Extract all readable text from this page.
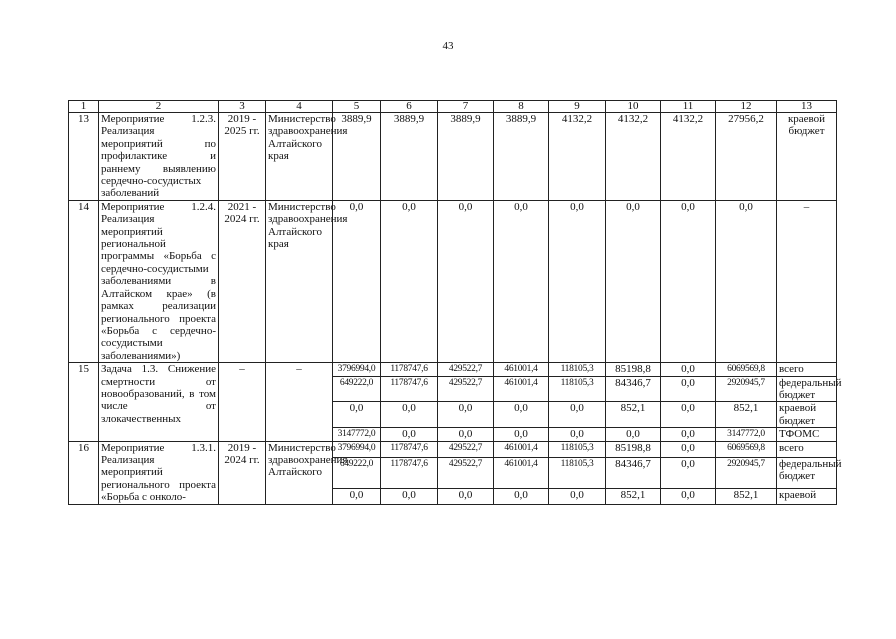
43
1	2	3	4	5	6	7	8	9	10	11	12	13
13	Мероприятие 1.2.3. Реализация мероприятий по профилактике и раннему выявлению сердечно-сосудистых заболеваний	2019 - 2025 гг.	Министерство здравоохранения Алтайского края	3889,9	3889,9	3889,9	3889,9	4132,2	4132,2	4132,2	27956,2	краевой бюджет
14	Мероприятие 1.2.4. Реализация мероприятий региональной программы «Борьба с сердечно-сосудистыми заболеваниями в Алтайском крае» (в рамках реализации регионального проекта «Борьба с сердечно-сосудистыми заболеваниями»)	2021 - 2024 гг.	Министерство здравоохранения Алтайского края	0,0	0,0	0,0	0,0	0,0	0,0	0,0	0,0	–
15	Задача 1.3. Снижение смертности от новообразований, в том числе от злокачественных	–	–	3796994,0	1178747,6	429522,7	461001,4	118105,3	85198,8	0,0	6069569,8	всего
				649222,0	1178747,6	429522,7	461001,4	118105,3	84346,7	0,0	2920945,7	федеральный бюджет
				0,0	0,0	0,0	0,0	0,0	852,1	0,0	852,1	краевой бюджет
				3147772,0	0,0	0,0	0,0	0,0	0,0	0,0	3147772,0	ТФОМС
16	Мероприятие 1.3.1. Реализация мероприятий регионального проекта «Борьба с онколо-	2019 - 2024 гг.	Министерство здравоохранения Алтайского	3796994,0	1178747,6	429522,7	461001,4	118105,3	85198,8	0,0	6069569,8	всего
				649222,0	1178747,6	429522,7	461001,4	118105,3	84346,7	0,0	2920945,7	федеральный бюджет
				0,0	0,0	0,0	0,0	0,0	852,1	0,0	852,1	краевой
